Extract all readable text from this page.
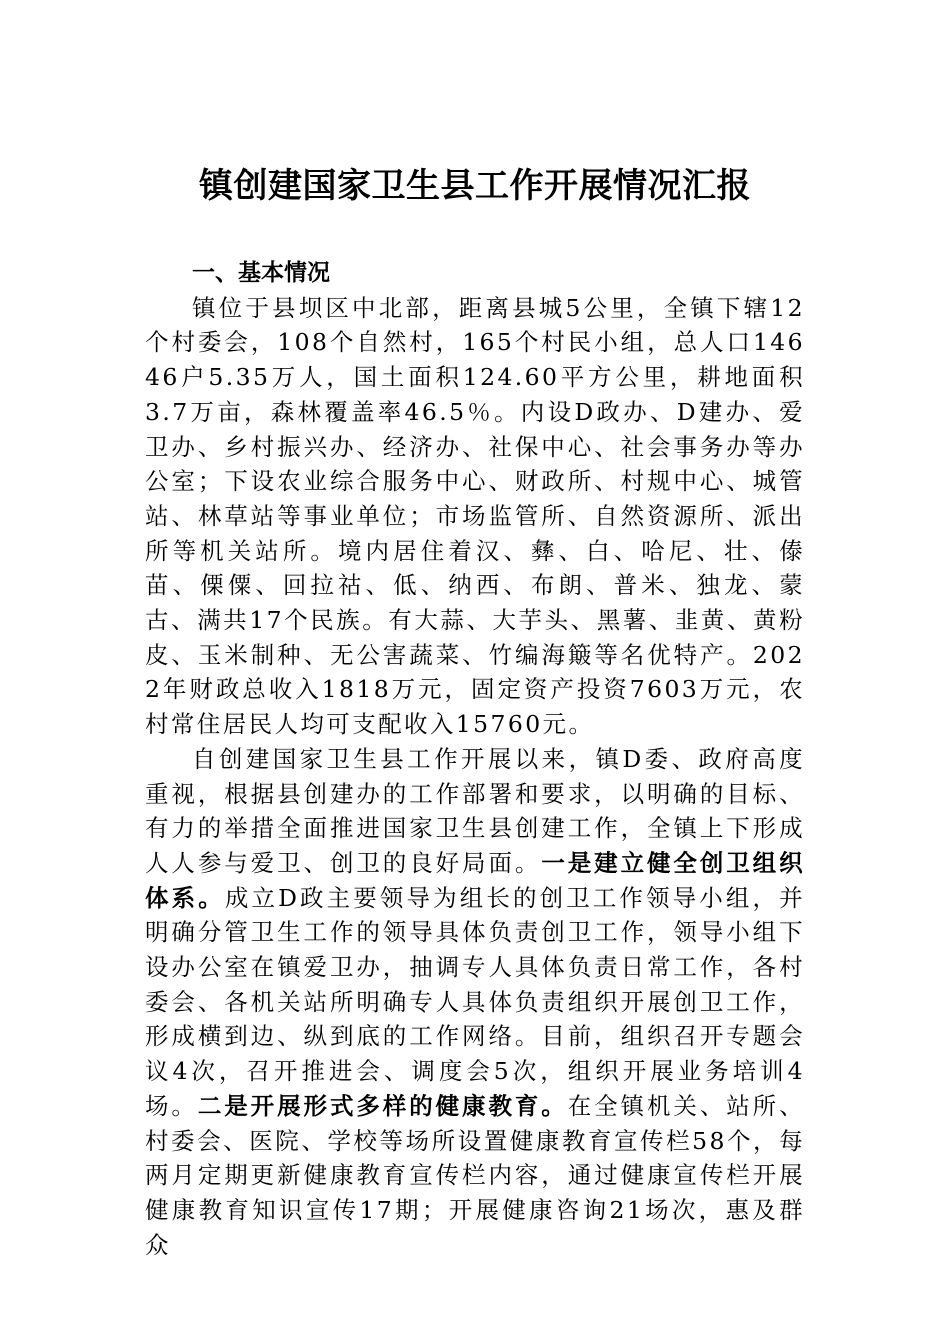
镇创建国家卫生县工作开展情况汇报

一、基本情况

镇位于县坝区中北部，距离县城5公里，全镇下辖12个村委会，108个自然村，165个村民小组，总人口14646户5.35万人，国土面积124.60平方公里，耕地面积3.7万亩，森林覆盖率46.5％。内设D政办、D建办、爱卫办、乡村振兴办、经济办、社保中心、社会事务办等办公室；下设农业综合服务中心、财政所、村规中心、城管站、林草站等事业单位；市场监管所、自然资源所、派出所等机关站所。境内居住着汉、彝、白、哈尼、壮、傣苗、傈僳、回拉祜、低、纳西、布朗、普米、独龙、蒙古、满共17个民族。有大蒜、大芋头、黑薯、韭黄、黄粉皮、玉米制种、无公害蔬菜、竹编海簸等名优特产。2022年财政总收入1818万元，固定资产投资7603万元，农村常住居民人均可支配收入15760元。

自创建国家卫生县工作开展以来，镇D委、政府高度重视，根据县创建办的工作部署和要求，以明确的目标、有力的举措全面推进国家卫生县创建工作，全镇上下形成人人参与爱卫、创卫的良好局面。一是建立健全创卫组织体系。成立D政主要领导为组长的创卫工作领导小组，并明确分管卫生工作的领导具体负责创卫工作，领导小组下设办公室在镇爱卫办，抽调专人具体负责日常工作，各村委会、各机关站所明确专人具体负责组织开展创卫工作，形成横到边、纵到底的工作网络。目前，组织召开专题会议4次，召开推进会、调度会5次，组织开展业务培训4场。二是开展形式多样的健康教育。在全镇机关、站所、村委会、医院、学校等场所设置健康教育宣传栏58个，每两月定期更新健康教育宣传栏内容，通过健康宣传栏开展健康教育知识宣传17期；开展健康咨询21场次，惠及群众
